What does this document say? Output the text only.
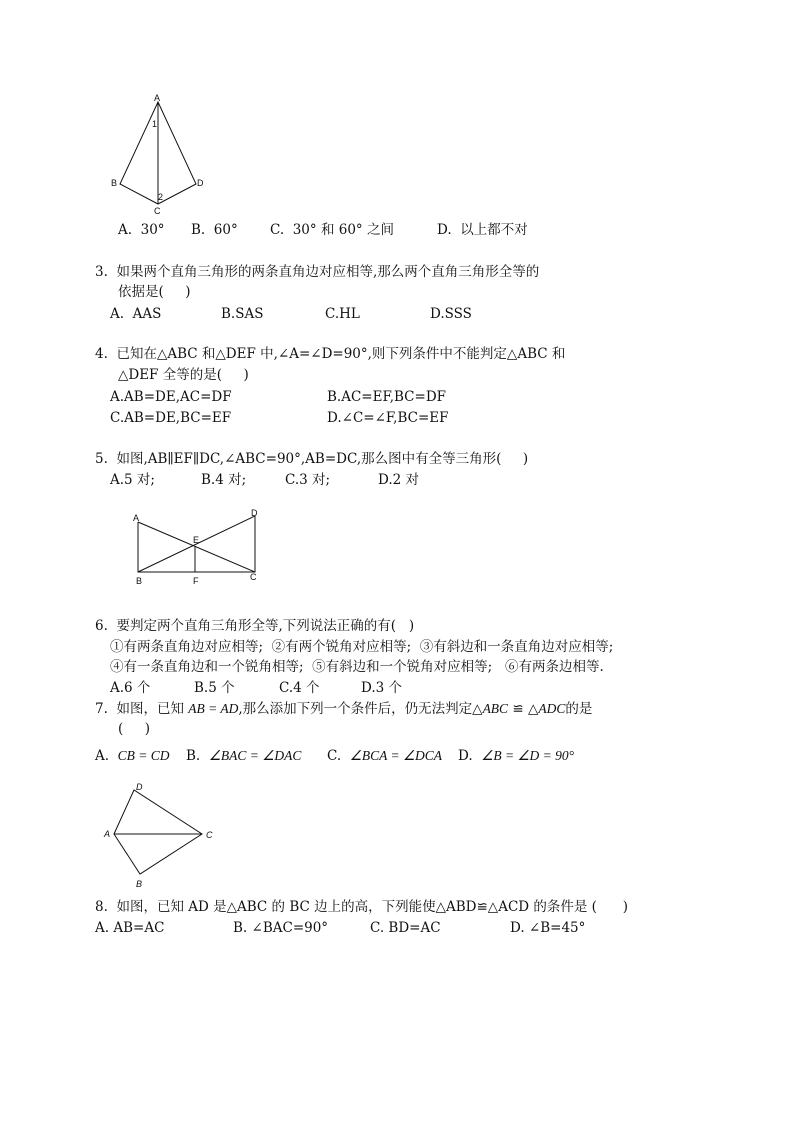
A
B
C
D
1
2
A.  30° B.  60° C.  30° 和 60° 之间	D.  以上都不对
3.  如果两个直角三角形的两条直角边对应相等,那么两个直角三角形全等的
依据是(     )
A.  AAS	B.SAS	C.HL	D.SSS
4.  已知在△ABC 和△DEF 中,∠A=∠D=90°,则下列条件中不能判定△ABC 和
△DEF 全等的是(     )
A.AB=DE,AC=DF	B.AC=EF,BC=DF
C.AB=DE,BC=EF	D.∠C=∠F,BC=EF
5.  如图,AB∥EF∥DC,∠ABC=90°,AB=DC,那么图中有全等三角形(     )
A.5 对;	B.4 对;	C.3 对;	D.2 对
A	D
E
B	F	C
6.  要判定两个直角三角形全等,下列说法正确的有(   )
①有两条直角边对应相等;  ②有两个锐角对应相等;  ③有斜边和一条直角边对应相等;
④有一条直角边和一个锐角相等;  ⑤有斜边和一个锐角对应相等;   ⑥有两条边相等.
A.6 个	B.5 个	C.4 个	D.3 个
7.  如图，已知 AB = AD,那么添加下列一个条件后，仍无法判定△ABC ≌ △ADC的是
(     )
A. CB = CD B. ∠BAC = ∠DAC C. ∠BCA = ∠DCA D. ∠B = ∠D = 90°
D
A	C
B
8.  如图，已知 AD 是△ABC 的 BC 边上的高，下列能使△ABD≌△ACD 的条件是 (      )
A. AB=AC	B. ∠BAC=90°	C. BD=AC	D. ∠B=45°
